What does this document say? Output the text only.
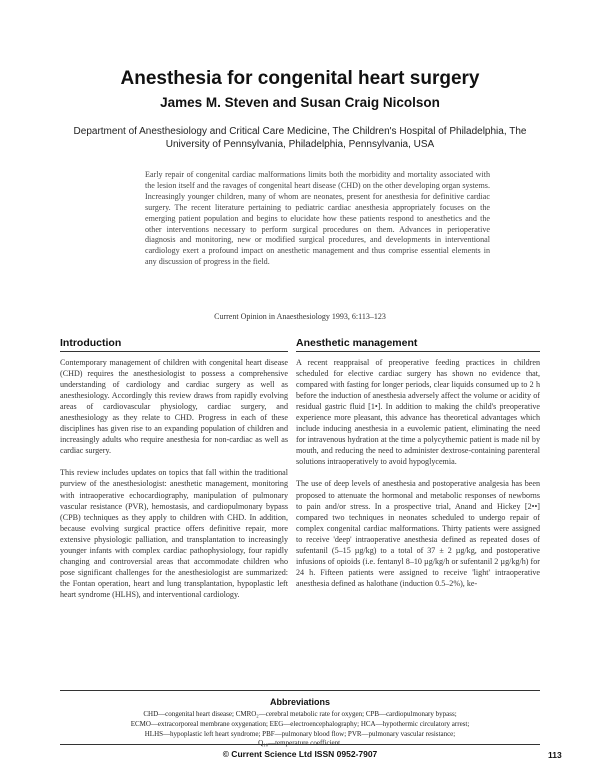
Anesthesia for congenital heart surgery
James M. Steven and Susan Craig Nicolson
Department of Anesthesiology and Critical Care Medicine, The Children's Hospital of Philadelphia, The University of Pennsylvania, Philadelphia, Pennsylvania, USA
Early repair of congenital cardiac malformations limits both the morbidity and mortality associated with the lesion itself and the ravages of congenital heart disease (CHD) on the other developing organ systems. Increasingly younger children, many of whom are neonates, present for anesthesia for definitive cardiac surgery. The recent literature pertaining to pediatric cardiac anesthesia appropriately focuses on the emerging patient population and begins to elucidate how these patients respond to anesthetics and the other interventions necessary to perform surgical procedures on them. Advances in perioperative diagnosis and monitoring, new or modified surgical procedures, and developments in interventional cardiology exert a profound impact on anesthetic management and thus comprise essential elements in any discussion of progress in the field.
Current Opinion in Anaesthesiology 1993, 6:113–123
Introduction

Contemporary management of children with congenital heart disease (CHD) requires the anesthesiologist to possess a comprehensive understanding of cardiology and cardiac surgery as well as anesthesiology. Accordingly this review draws from rapidly evolving areas of cardiovascular physiology, cardiac surgery, and anesthesiology as they relate to CHD. Progress in each of these disciplines has given rise to an expanding population of children and increasingly adults who require anesthesia for non-cardiac as well as cardiac surgery.

This review includes updates on topics that fall within the traditional purview of the anesthesiologist: anesthetic management, monitoring with intraoperative echocardiography, manipulation of pulmonary vascular resistance (PVR), hemostasis, and cardiopulmonary bypass (CPB) techniques as they apply to children with CHD. In addition, because evolving surgical practice offers definitive repair, more extensive physiologic palliation, and transplantation to increasingly younger infants with complex cardiac pathophysiology, four rapidly changing and controversial areas that accommodate children who pose significant challenges for the anesthesiologist are summarized: the Fontan operation, heart and lung transplantation, hypoplastic left heart syndrome (HLHS), and interventional cardiology.

Anesthetic management

A recent reappraisal of preoperative feeding practices in children scheduled for elective cardiac surgery has shown no evidence that, compared with fasting for longer periods, clear liquids consumed up to 2 h before the induction of anesthesia adversely affect the volume or acidity of residual gastric fluid [1•]. In addition to making the child's preoperative experience more pleasant, this advance has theoretical advantages which include inducing anesthesia in a euvolemic patient, eliminating the need for intravenous hydration at the time a polycythemic patient is made nil by mouth, and reducing the need to administer dextrose-containing parenteral solutions intraoperatively to avoid hypoglycemia.

The use of deep levels of anesthesia and postoperative analgesia has been proposed to attenuate the hormonal and metabolic responses of newborns to pain and/or stress. In a prospective trial, Anand and Hickey [2••] compared two techniques in neonates scheduled to undergo repair of complex congenital cardiac malformations. Thirty patients were assigned to receive 'deep' intraoperative anesthesia defined as repeated doses of sufentanil (5–15 µg/kg) to a total of 37 ± 2 µg/kg, and postoperative infusions of opioids (i.e. fentanyl 8–10 µg/kg/h or sufentanil 2 µg/kg/h) for 24 h. Fifteen patients were assigned to receive 'light' intraoperative anesthesia defined as halothane (induction 0.5–2%), ke-

Abbreviations
CHD—congenital heart disease; CMRO₂—cerebral metabolic rate for oxygen; CPB—cardiopulmonary bypass;
ECMO—extracorporeal membrane oxygenation; EEG—electroencephalography; HCA—hypothermic circulatory arrest;
HLHS—hypoplastic left heart syndrome; PBF—pulmonary blood flow; PVR—pulmonary vascular resistance;
Q₁₀—temperature coefficient.
© Current Science Ltd ISSN 0952-7907	113
